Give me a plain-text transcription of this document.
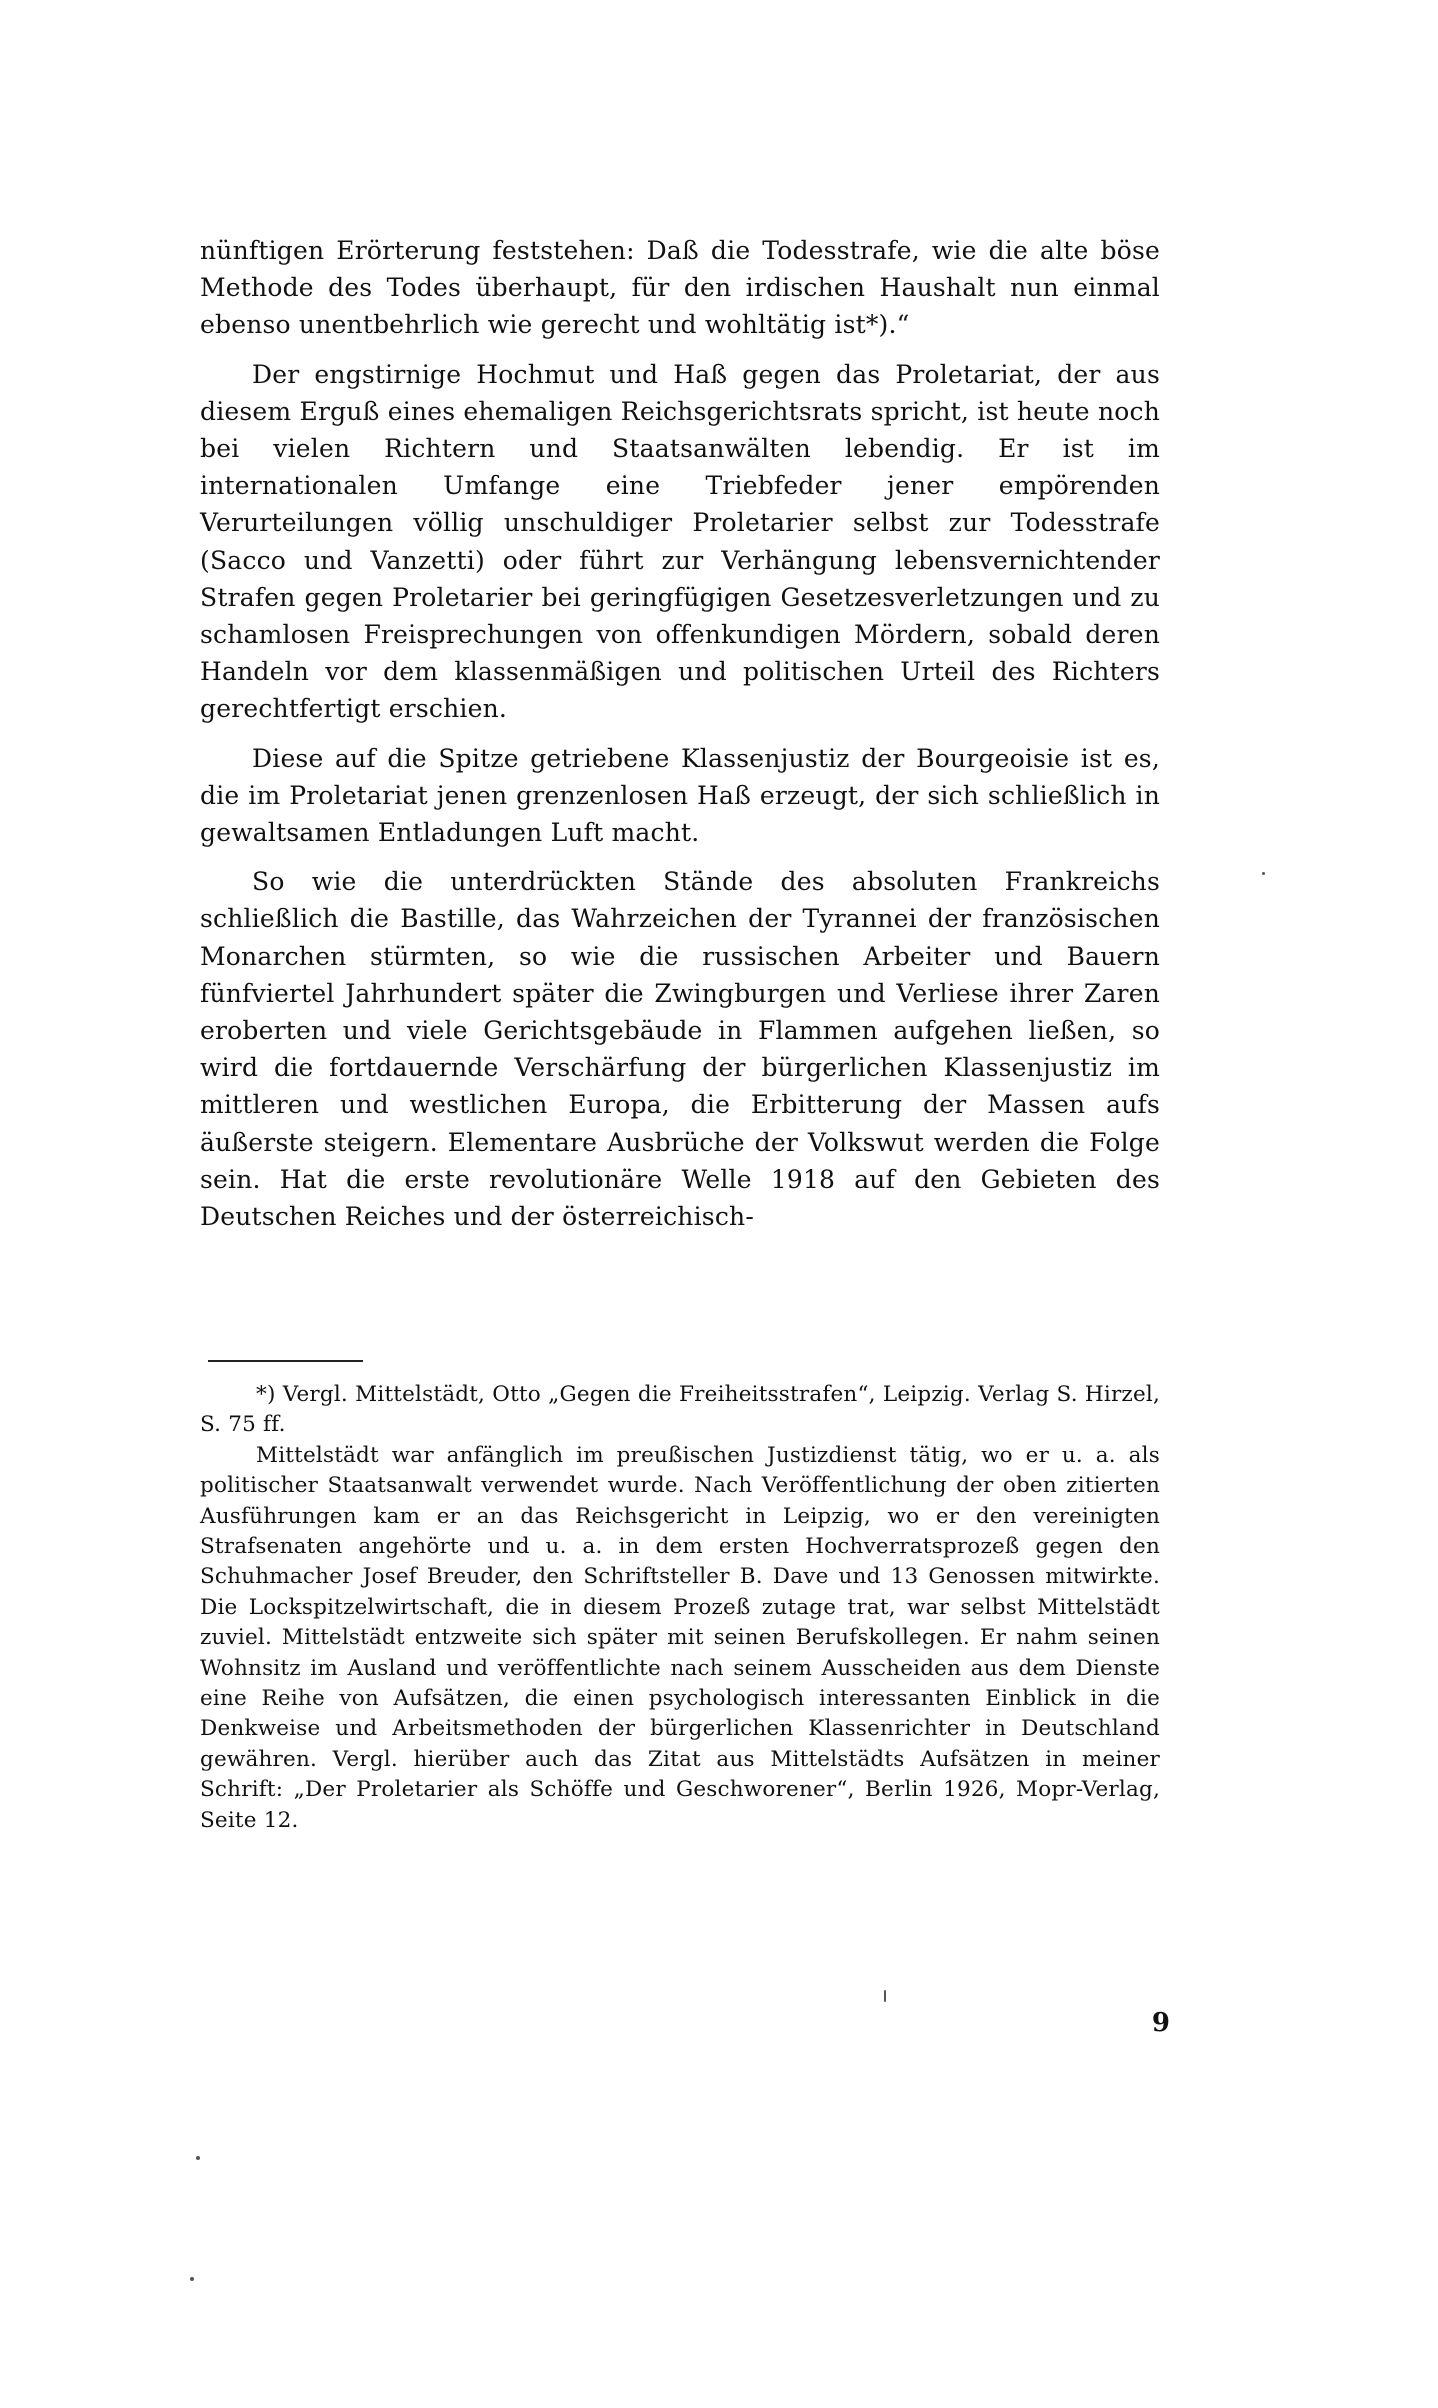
nünftigen Erörterung feststehen: Daß die Todesstrafe, wie die alte böse Methode des Todes überhaupt, für den irdischen Haushalt nun einmal ebenso unentbehrlich wie gerecht und wohltätig ist*).“

Der engstirnige Hochmut und Haß gegen das Proletariat, der aus diesem Erguß eines ehemaligen Reichsgerichtsrats spricht, ist heute noch bei vielen Richtern und Staatsanwälten lebendig. Er ist im internationalen Umfange eine Triebfeder jener empörenden Verurteilungen völlig unschuldiger Proletarier selbst zur Todesstrafe (Sacco und Vanzetti) oder führt zur Verhängung lebensvernichtender Strafen gegen Proletarier bei geringfügigen Gesetzesverletzungen und zu schamlosen Freisprechungen von offenkundigen Mördern, sobald deren Handeln vor dem klassenmäßigen und politischen Urteil des Richters gerechtfertigt erschien.

Diese auf die Spitze getriebene Klassenjustiz der Bourgeoisie ist es, die im Proletariat jenen grenzenlosen Haß erzeugt, der sich schließlich in gewaltsamen Entladungen Luft macht.

So wie die unterdrückten Stände des absoluten Frankreichs schließlich die Bastille, das Wahrzeichen der Tyrannei der französischen Monarchen stürmten, so wie die russischen Arbeiter und Bauern fünfviertel Jahrhundert später die Zwingburgen und Verliese ihrer Zaren eroberten und viele Gerichtsgebäude in Flammen aufgehen ließen, so wird die fortdauernde Verschärfung der bürgerlichen Klassenjustiz im mittleren und westlichen Europa, die Erbitterung der Massen aufs äußerste steigern. Elementare Ausbrüche der Volkswut werden die Folge sein. Hat die erste revolutionäre Welle 1918 auf den Gebieten des Deutschen Reiches und der österreichisch-

*) Vergl. Mittelstädt, Otto „Gegen die Freiheitsstrafen“, Leipzig. Verlag S. Hirzel, S. 75 ff.

Mittelstädt war anfänglich im preußischen Justizdienst tätig, wo er u. a. als politischer Staatsanwalt verwendet wurde. Nach Veröffentlichung der oben zitierten Ausführungen kam er an das Reichsgericht in Leipzig, wo er den vereinigten Strafsenaten angehörte und u. a. in dem ersten Hochverratsprozeß gegen den Schuhmacher Josef Breuder, den Schriftsteller B. Dave und 13 Genossen mitwirkte. Die Lockspitzelwirtschaft, die in diesem Prozeß zutage trat, war selbst Mittelstädt zuviel. Mittelstädt entzweite sich später mit seinen Berufskollegen. Er nahm seinen Wohnsitz im Ausland und veröffentlichte nach seinem Ausscheiden aus dem Dienste eine Reihe von Aufsätzen, die einen psychologisch interessanten Einblick in die Denkweise und Arbeitsmethoden der bürgerlichen Klassenrichter in Deutschland gewähren. Vergl. hierüber auch das Zitat aus Mittelstädts Aufsätzen in meiner Schrift: „Der Proletarier als Schöffe und Geschworener“, Berlin 1926, Mopr-Verlag, Seite 12.

9
